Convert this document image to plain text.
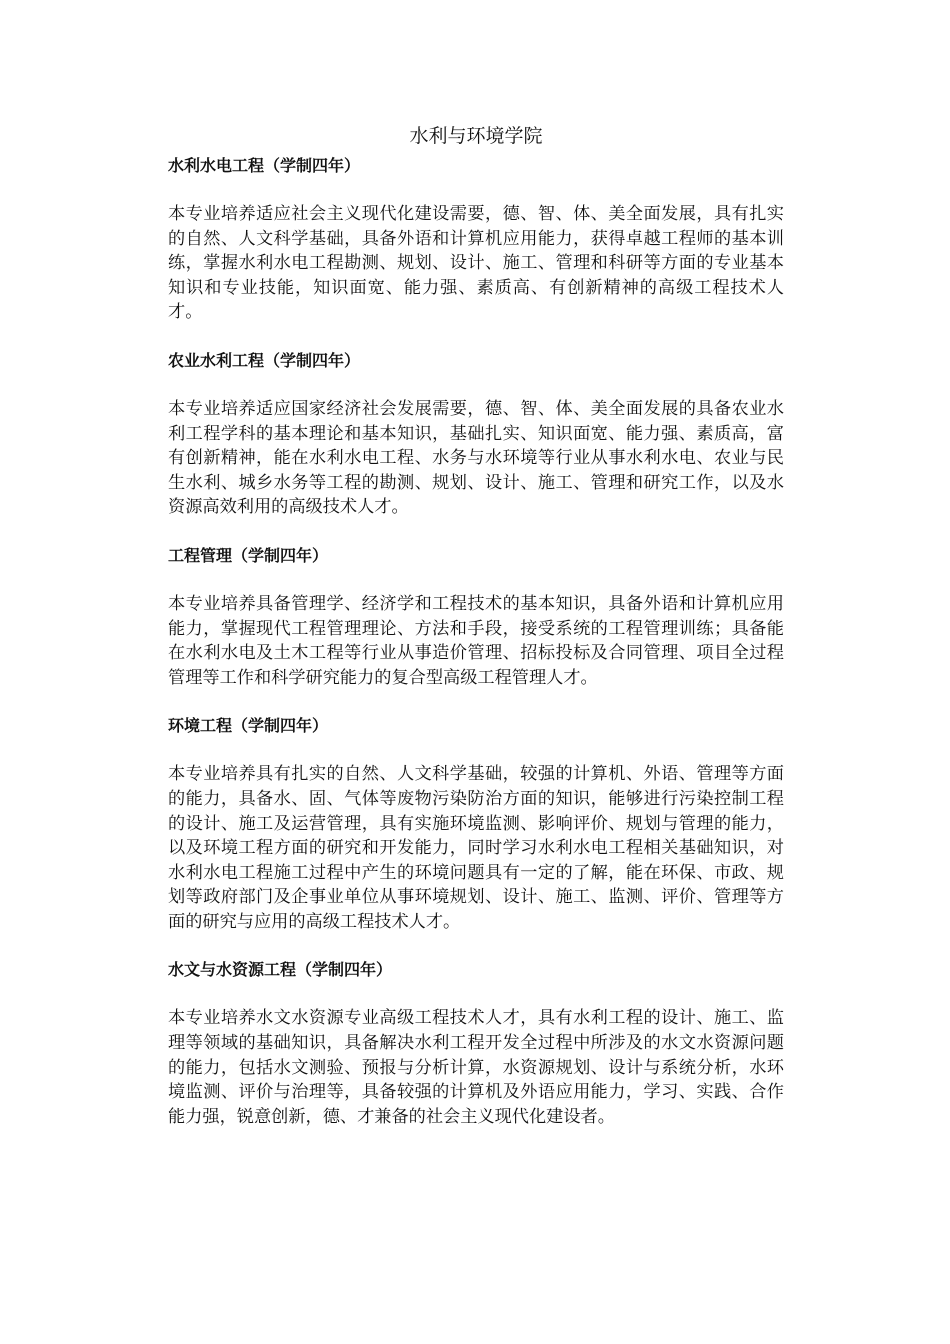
水利与环境学院
水利水电工程（学制四年）

本专业培养适应社会主义现代化建设需要，德、智、体、美全面发展，具有扎实的自然、人文科学基础，具备外语和计算机应用能力，获得卓越工程师的基本训练，掌握水利水电工程勘测、规划、设计、施工、管理和科研等方面的专业基本知识和专业技能，知识面宽、能力强、素质高、有创新精神的高级工程技术人才。

农业水利工程（学制四年）

本专业培养适应国家经济社会发展需要，德、智、体、美全面发展的具备农业水利工程学科的基本理论和基本知识，基础扎实、知识面宽、能力强、素质高，富有创新精神，能在水利水电工程、水务与水环境等行业从事水利水电、农业与民生水利、城乡水务等工程的勘测、规划、设计、施工、管理和研究工作，以及水资源高效利用的高级技术人才。

工程管理（学制四年）

本专业培养具备管理学、经济学和工程技术的基本知识，具备外语和计算机应用能力，掌握现代工程管理理论、方法和手段，接受系统的工程管理训练；具备能在水利水电及土木工程等行业从事造价管理、招标投标及合同管理、项目全过程管理等工作和科学研究能力的复合型高级工程管理人才。

环境工程（学制四年）

本专业培养具有扎实的自然、人文科学基础，较强的计算机、外语、管理等方面的能力，具备水、固、气体等废物污染防治方面的知识，能够进行污染控制工程的设计、施工及运营管理，具有实施环境监测、影响评价、规划与管理的能力，以及环境工程方面的研究和开发能力，同时学习水利水电工程相关基础知识，对水利水电工程施工过程中产生的环境问题具有一定的了解，能在环保、市政、规划等政府部门及企事业单位从事环境规划、设计、施工、监测、评价、管理等方面的研究与应用的高级工程技术人才。

水文与水资源工程（学制四年）

本专业培养水文水资源专业高级工程技术人才，具有水利工程的设计、施工、监理等领域的基础知识，具备解决水利工程开发全过程中所涉及的水文水资源问题的能力，包括水文测验、预报与分析计算，水资源规划、设计与系统分析，水环境监测、评价与治理等，具备较强的计算机及外语应用能力，学习、实践、合作能力强，锐意创新，德、才兼备的社会主义现代化建设者。
